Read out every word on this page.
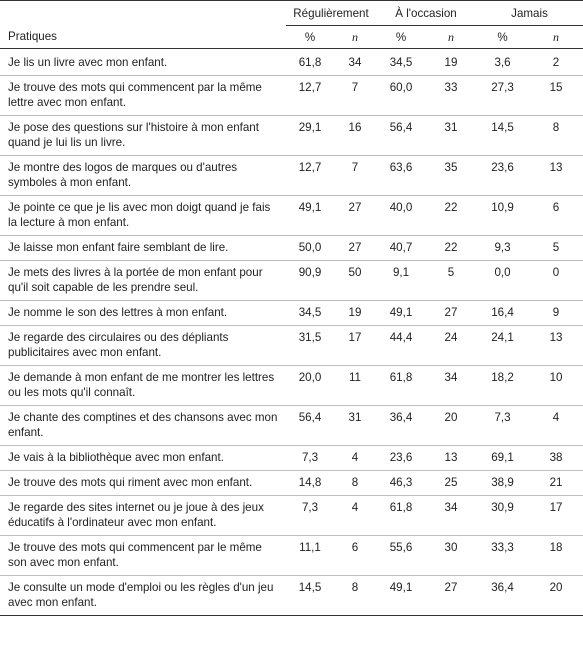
	Régulièrement		À l'occasion		Jamais	
Pratiques	%	n	%	n	%	n
Je lis un livre avec mon enfant.	61,8	34	34,5	19	3,6	2
Je trouve des mots qui commencent par la même lettre avec mon enfant.	12,7	7	60,0	33	27,3	15
Je pose des questions sur l'histoire à mon enfant quand je lui lis un livre.	29,1	16	56,4	31	14,5	8
Je montre des logos de marques ou d'autres symboles à mon enfant.	12,7	7	63,6	35	23,6	13
Je pointe ce que je lis avec mon doigt quand je fais la lecture à mon enfant.	49,1	27	40,0	22	10,9	6
Je laisse mon enfant faire semblant de lire.	50,0	27	40,7	22	9,3	5
Je mets des livres à la portée de mon enfant pour qu'il soit capable de les prendre seul.	90,9	50	9,1	5	0,0	0
Je nomme le son des lettres à mon enfant.	34,5	19	49,1	27	16,4	9
Je regarde des circulaires ou des dépliants publicitaires avec mon enfant.	31,5	17	44,4	24	24,1	13
Je demande à mon enfant de me montrer les lettres ou les mots qu'il connaît.	20,0	11	61,8	34	18,2	10
Je chante des comptines et des chansons avec mon enfant.	56,4	31	36,4	20	7,3	4
Je vais à la bibliothèque avec mon enfant.	7,3	4	23,6	13	69,1	38
Je trouve des mots qui riment avec mon enfant.	14,8	8	46,3	25	38,9	21
Je regarde des sites internet ou je joue à des jeux éducatifs à l'ordinateur avec mon enfant.	7,3	4	61,8	34	30,9	17
Je trouve des mots qui commencent par le même son avec mon enfant.	11,1	6	55,6	30	33,3	18
Je consulte un mode d'emploi ou les règles d'un jeu avec mon enfant.	14,5	8	49,1	27	36,4	20
